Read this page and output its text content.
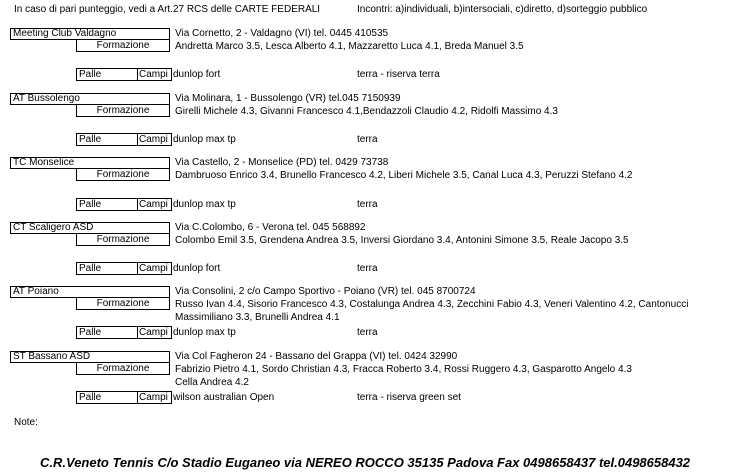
In caso di pari punteggio, vedi a Art.27 RCS delle CARTE FEDERALI	Incontri: a)individuali, b)intersociali, c)diretto, d)sorteggio pubblico
Meeting Club Valdagno	Via Cornetto, 2 - Valdagno (VI) tel. 0445 410535
Formazione	Andretta Marco 3.5, Lesca Alberto 4.1, Mazzaretto Luca 4.1, Breda Manuel 3.5
Palle	Campi dunlop fort	terra - riserva terra
AT Bussolengo	Via Molinara, 1 - Bussolengo (VR) tel.045 7150939
Formazione	Girelli Michele 4.3, Givanni Francesco 4.1,Bendazzoli Claudio 4.2, Ridolfi Massimo 4.3
Palle	Campi dunlop max tp	terra
TC Monselice	Via Castello, 2 - Monselice (PD) tel. 0429 73738
Formazione	Dambruoso Enrico 3.4, Brunello Francesco 4.2, Liberi Michele 3.5, Canal Luca 4.3, Peruzzi Stefano 4.2
Palle	Campi dunlop max tp	terra
CT Scaligero ASD	Via C.Colombo, 6 - Verona tel. 045 568892
Formazione	Colombo Emil 3.5, Grendena Andrea 3.5, Inversi Giordano 3.4, Antonini Simone 3.5, Reale Jacopo 3.5
Palle	Campi dunlop fort	terra
AT Poiano	Via Consolini, 2 c/o Campo Sportivo - Poiano (VR) tel. 045 8700724
Formazione	Russo Ivan 4.4, Sisorio Francesco 4.3, Costalunga Andrea 4.3, Zecchini Fabio 4.3, Veneri Valentino 4.2, Cantonucci
Massimiliano 3.3, Brunelli Andrea 4.1
Palle	Campi dunlop max tp	terra
ST Bassano ASD	Via Col Fagheron 24 - Bassano del Grappa (VI) tel. 0424 32990
Formazione	Fabrizio Pietro 4.1, Sordo Christian 4.3, Fracca Roberto 3.4, Rossi Ruggero 4.3, Gasparotto Angelo 4.3
Cella Andrea 4.2
Palle	Campi wilson australian Open	terra - riserva green set
Note:
C.R.Veneto Tennis C/o Stadio Euganeo via NEREO ROCCO 35135 Padova Fax 0498658437 tel.0498658432
